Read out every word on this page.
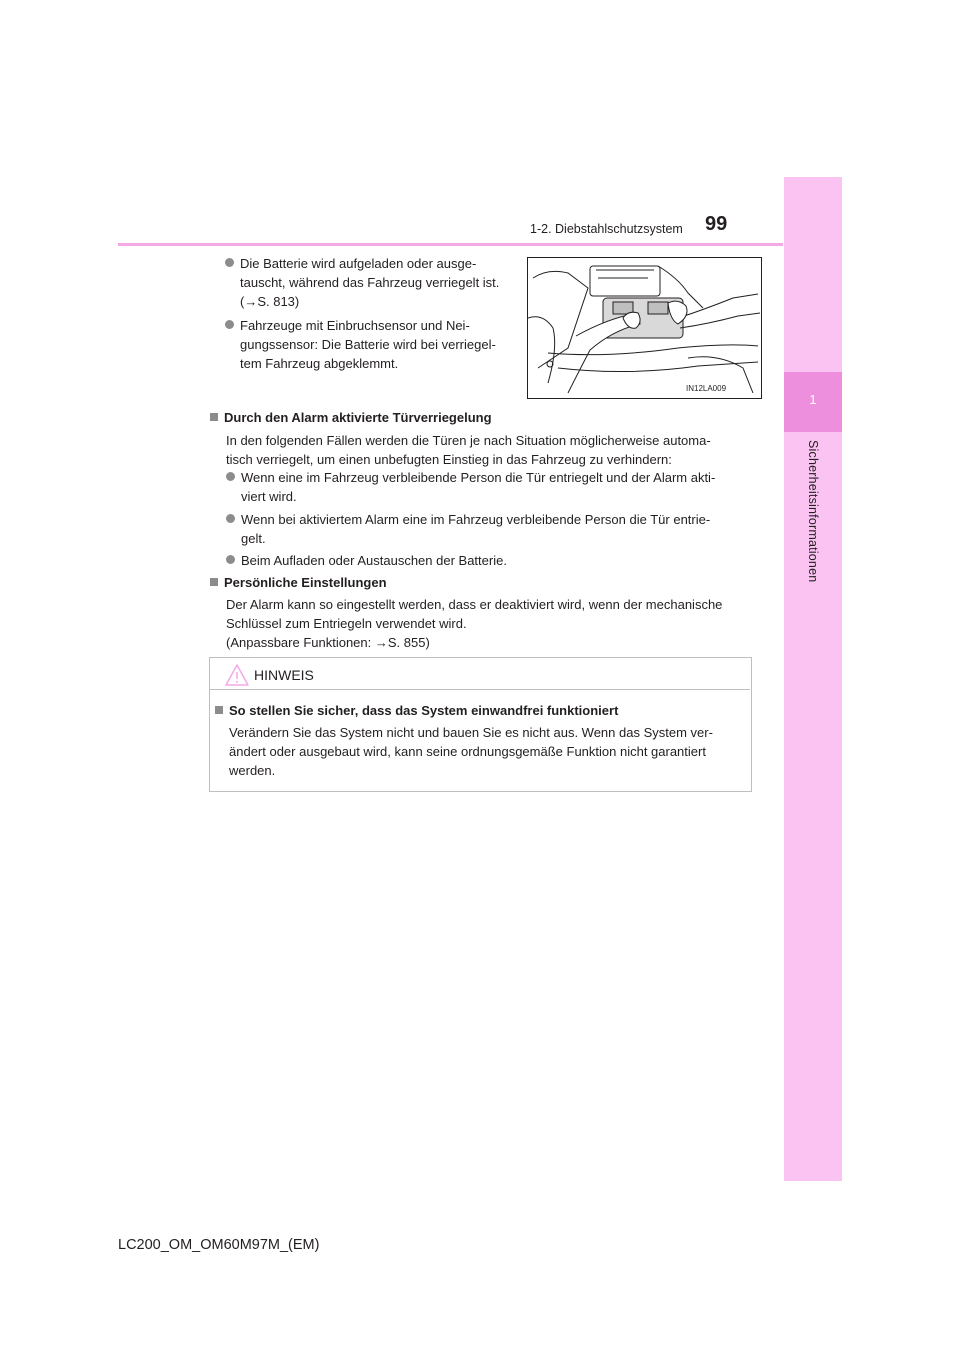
1-2. Diebstahlschutzsystem 99
1
Sicherheitsinformationen
Die Batterie wird aufgeladen oder ausge-
tauscht, während das Fahrzeug verriegelt ist.
(→S. 813)
Fahrzeuge mit Einbruchsensor und Nei-
gungssensor: Die Batterie wird bei verriegel-
tem Fahrzeug abgeklemmt.
IN12LA009
Durch den Alarm aktivierte Türverriegelung
In den folgenden Fällen werden die Türen je nach Situation möglicherweise automa-
tisch verriegelt, um einen unbefugten Einstieg in das Fahrzeug zu verhindern:
Wenn eine im Fahrzeug verbleibende Person die Tür entriegelt und der Alarm akti-
viert wird.
Wenn bei aktiviertem Alarm eine im Fahrzeug verbleibende Person die Tür entrie-
gelt.
Beim Aufladen oder Austauschen der Batterie.
Persönliche Einstellungen
Der Alarm kann so eingestellt werden, dass er deaktiviert wird, wenn der mechanische
Schlüssel zum Entriegeln verwendet wird.
(Anpassbare Funktionen: →S. 855)
HINWEIS
So stellen Sie sicher, dass das System einwandfrei funktioniert
Verändern Sie das System nicht und bauen Sie es nicht aus. Wenn das System ver-
ändert oder ausgebaut wird, kann seine ordnungsgemäße Funktion nicht garantiert
werden.
LC200_OM_OM60M97M_(EM)
